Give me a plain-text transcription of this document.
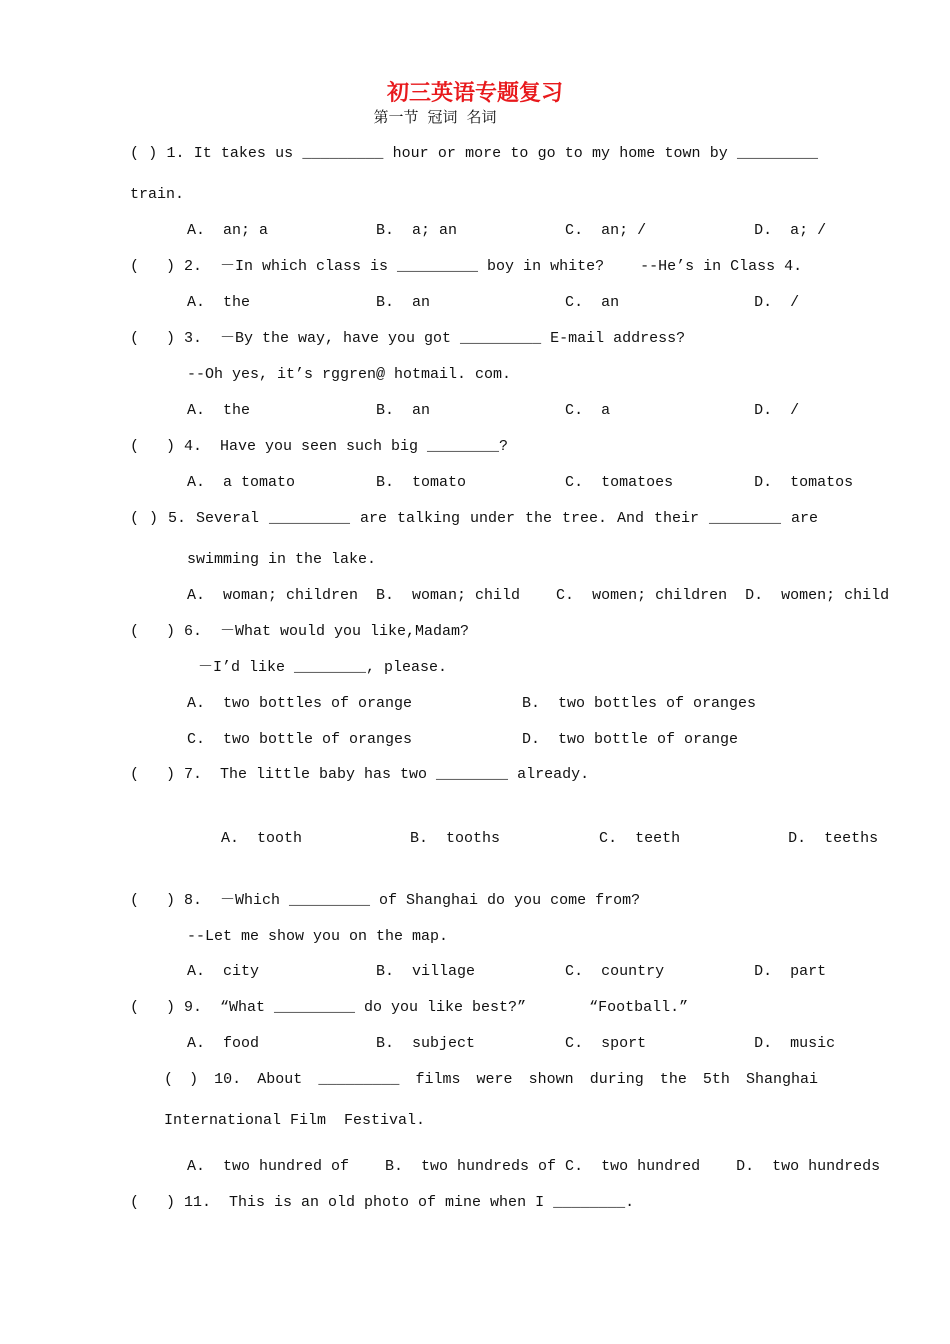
初三英语专题复习
第一节 冠词 名词
( ) 1. It takes us _________ hour or more to go to my home town by _________
train.
A.  an; a            B.  a; an            C.  an; /            D.  a; /
(   ) 2.  －In which class is _________ boy in white?    --He’s in Class 4.
A.  the              B.  an               C.  an               D.  /
(   ) 3.  －By the way, have you got _________ E-mail address?
--Oh yes, it’s rggren@ hotmail. com.
A.  the              B.  an               C.  a                D.  /
(   ) 4.  Have you seen such big ________?
A.  a tomato         B.  tomato           C.  tomatoes         D.  tomatos
( ) 5. Several _________ are talking under the tree. And their ________ are
swimming in the lake.
A.  woman; children  B.  woman; child    C.  women; children  D.  women; child
(   ) 6.  －What would you like,Madam?
－I’d like ________, please.
A.  two bottles of orange	B.  two bottles of oranges
C.  two bottle of oranges	D.  two bottle of orange
(   ) 7.  The little baby has two ________ already.
A.  tooth            B.  tooths           C.  teeth            D.  teeths
(   ) 8.  －Which _________ of Shanghai do you come from?
--Let me show you on the map.
A.  city             B.  village          C.  country          D.  part
(   ) 9.  “What _________ do you like best?”       “Football.”
A.  food             B.  subject          C.  sport            D.  music
( ) 10. About _________ films were shown during the 5th Shanghai
International Film  Festival.
A.  two hundred of    B.  two hundreds of C.  two hundred    D.  two hundreds
(   ) 11.  This is an old photo of mine when I ________.
